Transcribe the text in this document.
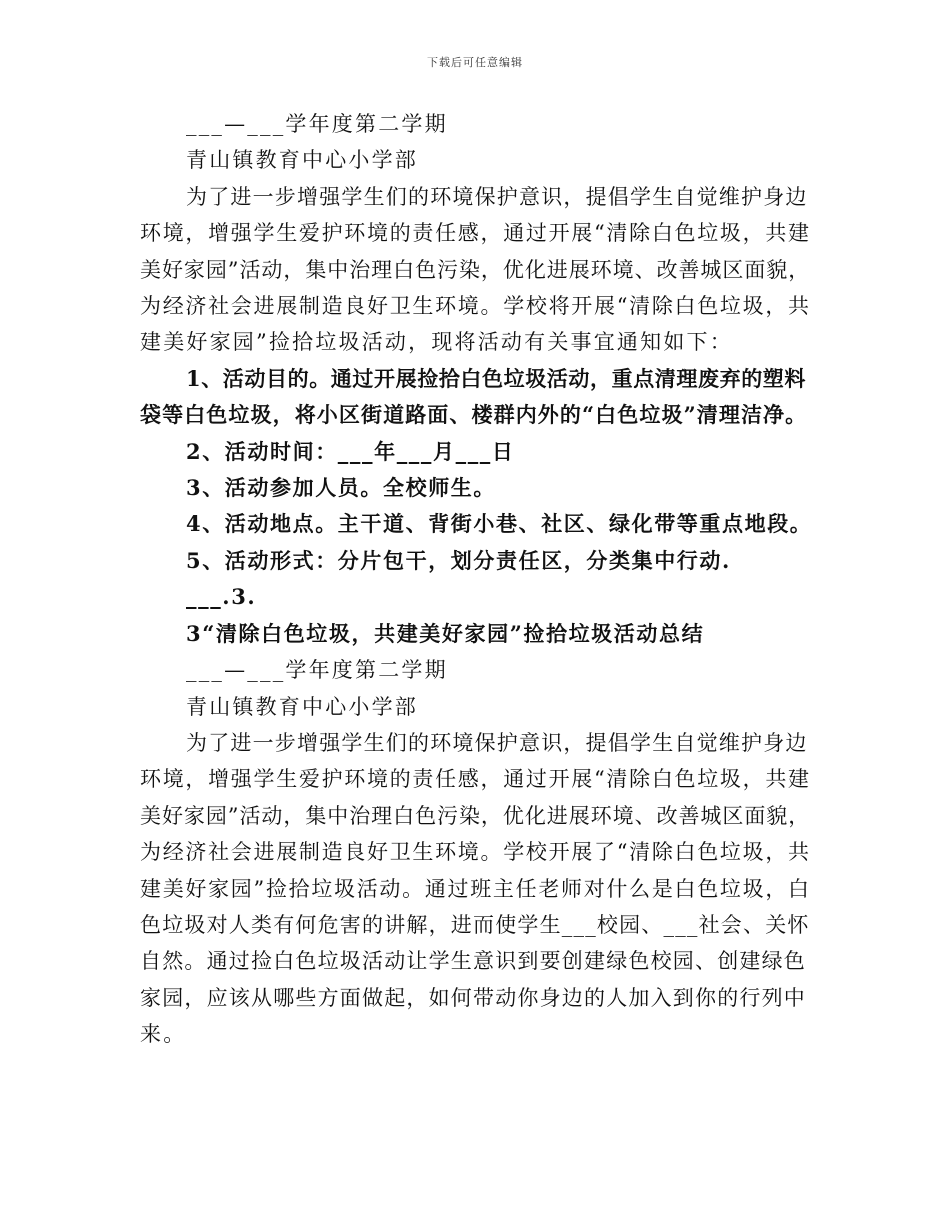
下载后可任意编辑
___—___学年度第二学期
青山镇教育中心小学部
为了进一步增强学生们的环境保护意识，提倡学生自觉维护身边
环境，增强学生爱护环境的责任感，通过开展“清除白色垃圾，共建
美好家园”活动，集中治理白色污染，优化进展环境、改善城区面貌，
为经济社会进展制造良好卫生环境。学校将开展“清除白色垃圾，共
建美好家园”捡拾垃圾活动，现将活动有关事宜通知如下：
1、活动目的。通过开展捡拾白色垃圾活动，重点清理废弃的塑料
袋等白色垃圾，将小区街道路面、楼群内外的“白色垃圾”清理洁净。
2、活动时间：___年___月___日
3、活动参加人员。全校师生。
4、活动地点。主干道、背街小巷、社区、绿化带等重点地段。
5、活动形式：分片包干，划分责任区，分类集中行动.
___.3.
3“清除白色垃圾，共建美好家园”捡拾垃圾活动总结
___—___学年度第二学期
青山镇教育中心小学部
为了进一步增强学生们的环境保护意识，提倡学生自觉维护身边
环境，增强学生爱护环境的责任感，通过开展“清除白色垃圾，共建
美好家园”活动，集中治理白色污染，优化进展环境、改善城区面貌，
为经济社会进展制造良好卫生环境。学校开展了“清除白色垃圾，共
建美好家园”捡拾垃圾活动。通过班主任老师对什么是白色垃圾，白
色垃圾对人类有何危害的讲解，进而使学生___校园、___社会、关怀
自然。通过捡白色垃圾活动让学生意识到要创建绿色校园、创建绿色
家园，应该从哪些方面做起，如何带动你身边的人加入到你的行列中
来。
